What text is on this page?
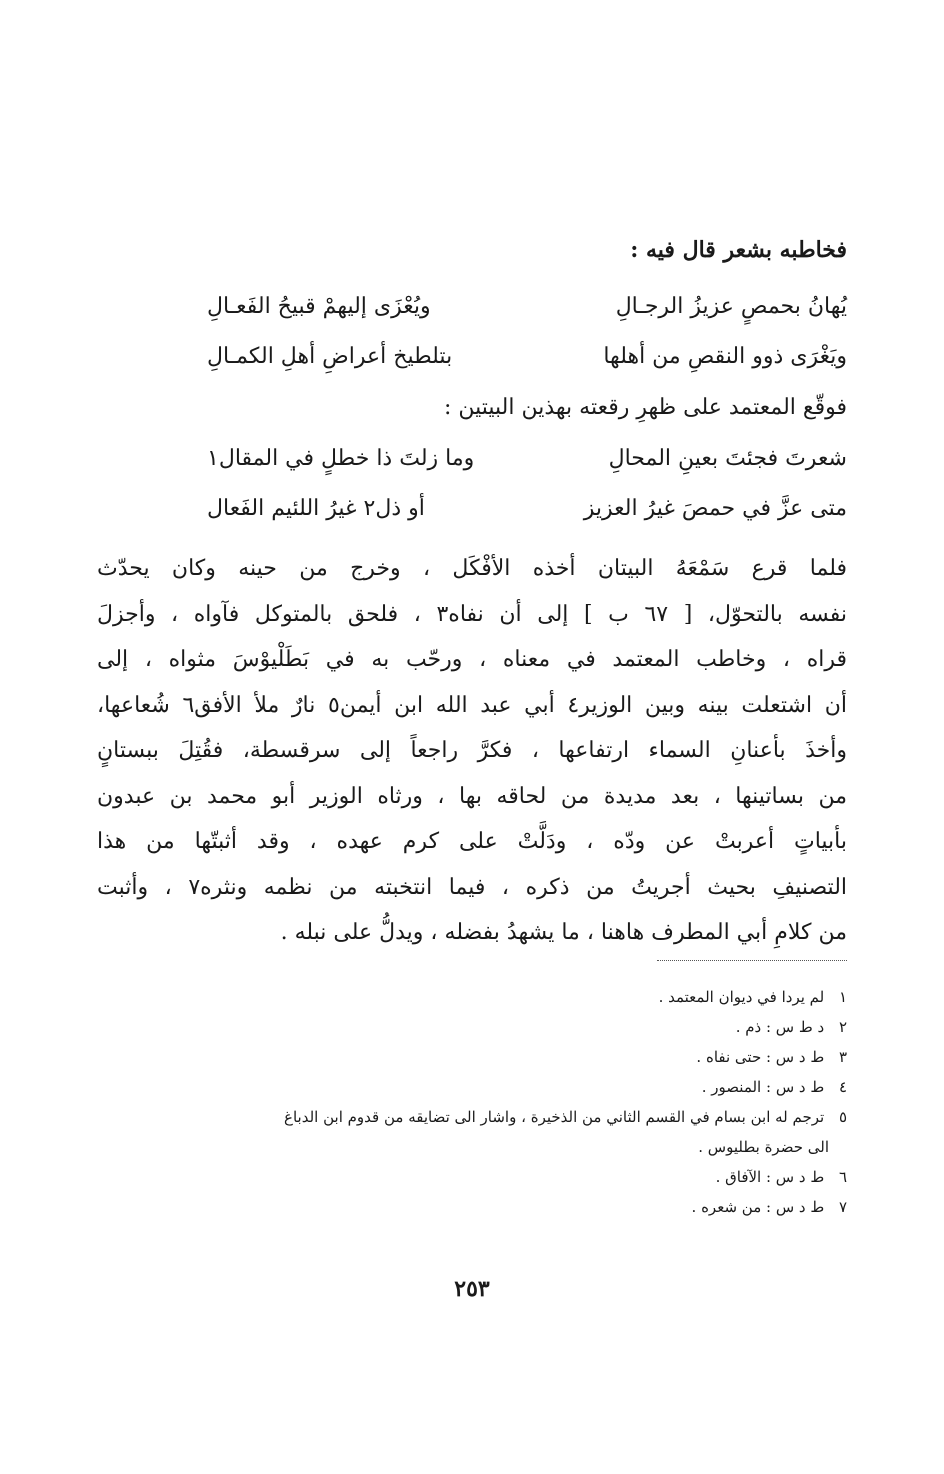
فخاطبه بشعر قال فيه :
يُهانُ بحمصٍ عزيزُ الرجـالِ
ويُعْزَى إليهمْ قبيحُ الفَعـالِ
ويَغْرَى ذوو النقصِ من أهلها
بتلطيخ أعراضِ أهلِ الكمـالِ
فوقّع المعتمد على ظهرِ رقعته بهذين البيتين :
شعرتَ فجئتَ بعينِ المحالِ
وما زلتَ ذا خطلٍ في المقال١
متى عزَّ في حمصَ غيرُ العزيز
أو ذل٢ غيرُ اللئيم الفَعال
فلما قرع سَمْعَهُ البيتان أخذه الأفْكَل ، وخرج من حينه وكان يحدّث
نفسه بالتحوّل، [ ٦٧ ب ] إلى أن نفاه٣ ، فلحق بالمتوكل فآواه ، وأجزلَ
قراه ، وخاطب المعتمد في معناه ، ورحّب به في بَطَلْيوْسَ مثواه ، إلى
أن اشتعلت بينه وبين الوزير٤ أبي عبد الله ابن أيمن٥ نارٌ ملأ الأفق٦ شُعاعها،
وأخذَ بأعنانِ السماء ارتفاعها ، فكرَّ راجعاً إلى سرقسطة، فقُتِلَ ببستانٍ
من بساتينها ، بعد مديدة من لحاقه بها ، ورثاه الوزير أبو محمد بن عبدون
بأبياتٍ أعربتْ عن ودّه ، ودَلَّتْ على كرم عهده ، وقد أثبتّها من هذا
التصنيفِ بحيث أجريتُ من ذكره ، فيما انتخبته من نظمه ونثره٧ ، وأثبت
من كلامِ أبي المطرف هاهنا ، ما يشهدُ بفضله ، ويدلُّ على نبله .
١ لم يردا في ديوان المعتمد .
٢ د ط س : ذم .
٣ ط د س : حتى نفاه .
٤ ط د س : المنصور .
٥ ترجم له ابن بسام في القسم الثاني من الذخيرة ، واشار الى تضايقه من قدوم ابن الدباغ
الى حضرة بطليوس .
٦ ط د س : الآفاق .
٧ ط د س : من شعره .
٢٥٣
